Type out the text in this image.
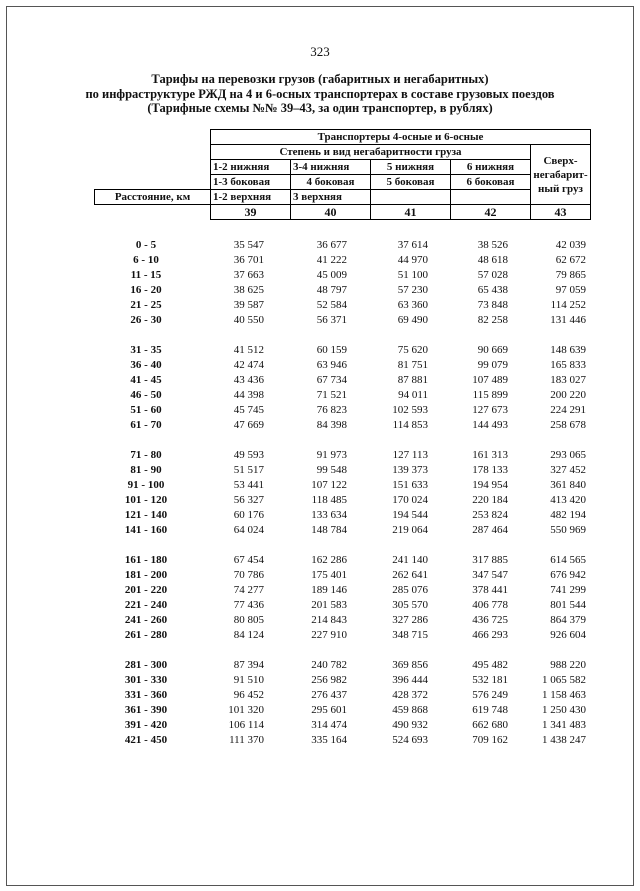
323
Тарифы на перевозки грузов (габаритных и негабаритных)
по инфраструктуре РЖД на 4 и 6-осных транспортерах в составе грузовых поездов
(Тарифные схемы №№ 39–43, за один транспортер, в рублях)
	Транспортеры 4-осные и 6-осные				
	Степень и вид негабаритности груза				Сверх-негабарит-ный груз
	1-2 нижняя	3-4 нижняя	5 нижняя	6 нижняя	
	1-3 боковая	4 боковая	5 боковая	6 боковая	
Расстояние, км	1-2 верхняя	3 верхняя			
	39	40	41	42	43
0 - 5	35 547	36 677	37 614	38 526	42 039
6 - 10	36 701	41 222	44 970	48 618	62 672
11 - 15	37 663	45 009	51 100	57 028	79 865
16 - 20	38 625	48 797	57 230	65 438	97 059
21 - 25	39 587	52 584	63 360	73 848	114 252
26 - 30	40 550	56 371	69 490	82 258	131 446
31 - 35	41 512	60 159	75 620	90 669	148 639
36 - 40	42 474	63 946	81 751	99 079	165 833
41 - 45	43 436	67 734	87 881	107 489	183 027
46 - 50	44 398	71 521	94 011	115 899	200 220
51 - 60	45 745	76 823	102 593	127 673	224 291
61 - 70	47 669	84 398	114 853	144 493	258 678
71 - 80	49 593	91 973	127 113	161 313	293 065
81 - 90	51 517	99 548	139 373	178 133	327 452
91 - 100	53 441	107 122	151 633	194 954	361 840
101 - 120	56 327	118 485	170 024	220 184	413 420
121 - 140	60 176	133 634	194 544	253 824	482 194
141 - 160	64 024	148 784	219 064	287 464	550 969
161 - 180	67 454	162 286	241 140	317 885	614 565
181 - 200	70 786	175 401	262 641	347 547	676 942
201 - 220	74 277	189 146	285 076	378 441	741 299
221 - 240	77 436	201 583	305 570	406 778	801 544
241 - 260	80 805	214 843	327 286	436 725	864 379
261 - 280	84 124	227 910	348 715	466 293	926 604
281 - 300	87 394	240 782	369 856	495 482	988 220
301 - 330	91 510	256 982	396 444	532 181	1 065 582
331 - 360	96 452	276 437	428 372	576 249	1 158 463
361 - 390	101 320	295 601	459 868	619 748	1 250 430
391 - 420	106 114	314 474	490 932	662 680	1 341 483
421 - 450	111 370	335 164	524 693	709 162	1 438 247
